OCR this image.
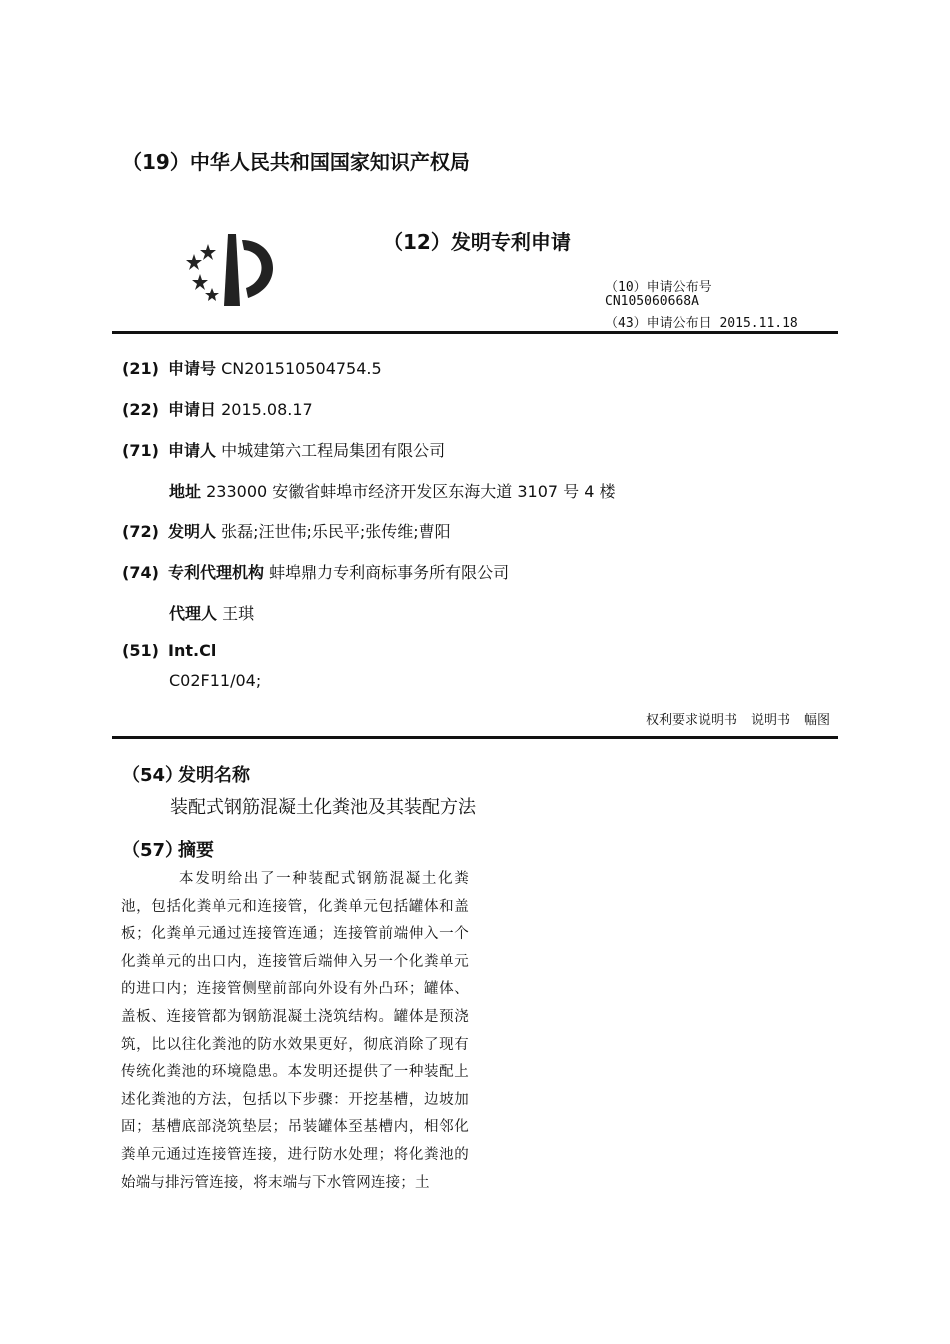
（19）中华人民共和国国家知识产权局
（12）发明专利申请
（10）申请公布号
CN105060668A
（43）申请公布日 2015.11.18
(21) 申请号 CN201510504754.5
(22) 申请日 2015.08.17
(71) 申请人 中城建第六工程局集团有限公司
地址 233000 安徽省蚌埠市经济开发区东海大道 3107 号 4 楼
(72) 发明人 张磊;汪世伟;乐民平;张传维;曹阳
(74) 专利代理机构 蚌埠鼎力专利商标事务所有限公司
代理人 王琪
(51) Int.Cl
C02F11/04;
权利要求说明书 说明书 幅图
（54）发明名称
装配式钢筋混凝土化粪池及其装配方法
（57）摘要
本发明给出了一种装配式钢筋混凝土化粪池，包括化粪单元和连接管，化粪单元包括罐体和盖板；化粪单元通过连接管连通；连接管前端伸入一个化粪单元的出口内，连接管后端伸入另一个化粪单元的进口内；连接管侧壁前部向外设有外凸环；罐体、盖板、连接管都为钢筋混凝土浇筑结构。罐体是预浇筑，比以往化粪池的防水效果更好，彻底消除了现有传统化粪池的环境隐患。本发明还提供了一种装配上述化粪池的方法，包括以下步骤：开挖基槽，边坡加固；基槽底部浇筑垫层；吊装罐体至基槽内，相邻化粪单元通过连接管连接，进行防水处理；将化粪池的始端与排污管连接，将末端与下水管网连接；土
